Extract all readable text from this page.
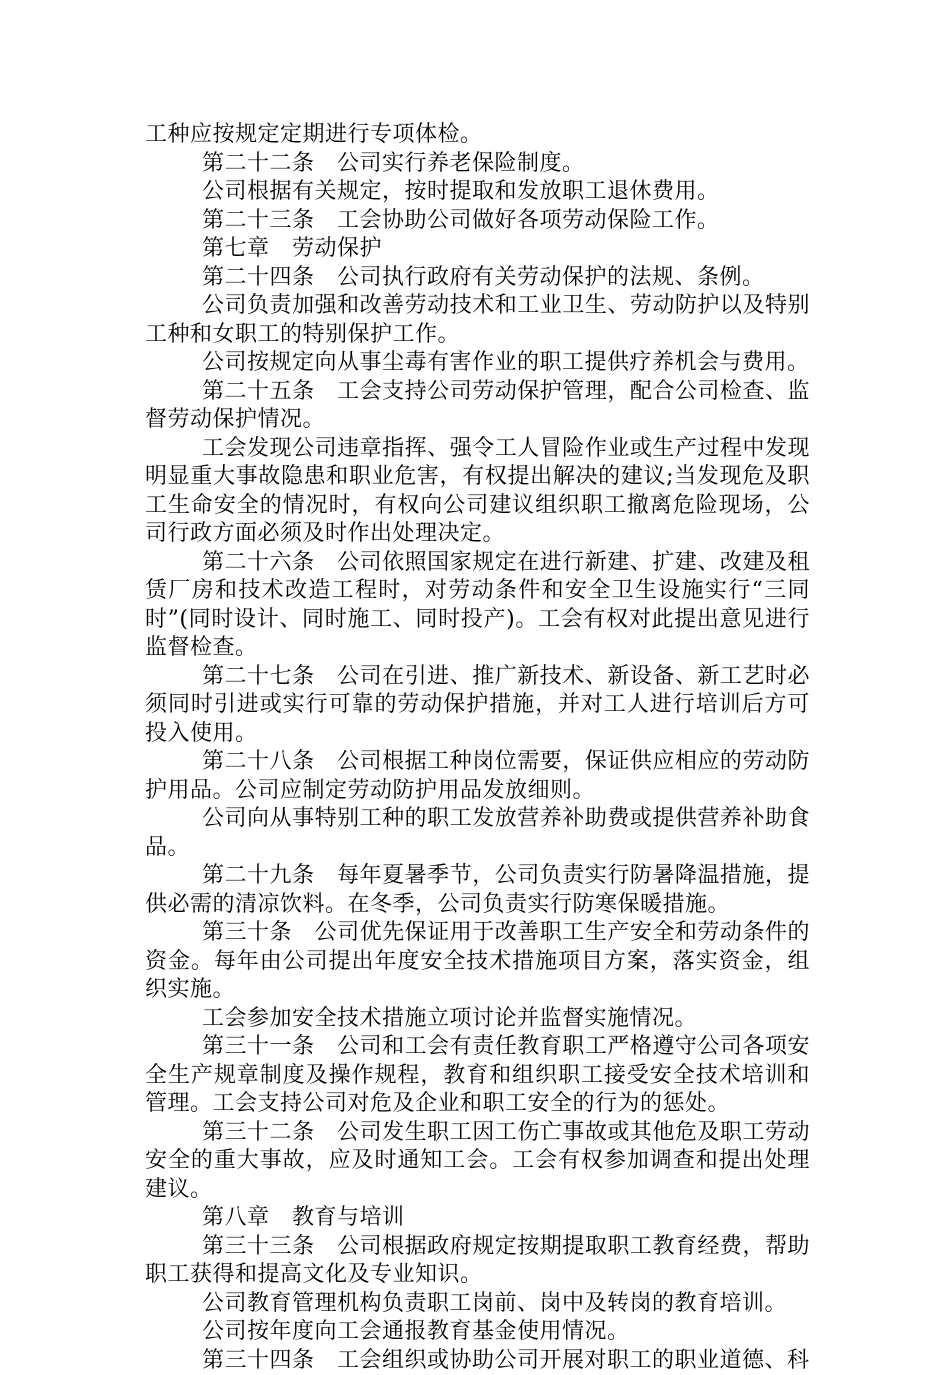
工种应按规定定期进行专项体检。

第二十二条　公司实行养老保险制度。

公司根据有关规定，按时提取和发放职工退休费用。

第二十三条　工会协助公司做好各项劳动保险工作。

第七章　劳动保护

第二十四条　公司执行政府有关劳动保护的法规、条例。

公司负责加强和改善劳动技术和工业卫生、劳动防护以及特别工种和女职工的特别保护工作。

公司按规定向从事尘毒有害作业的职工提供疗养机会与费用。

第二十五条　工会支持公司劳动保护管理，配合公司检查、监督劳动保护情况。

工会发现公司违章指挥、强令工人冒险作业或生产过程中发现明显重大事故隐患和职业危害，有权提出解决的建议;当发现危及职工生命安全的情况时，有权向公司建议组织职工撤离危险现场，公司行政方面必须及时作出处理决定。

第二十六条　公司依照国家规定在进行新建、扩建、改建及租赁厂房和技术改造工程时，对劳动条件和安全卫生设施实行“三同时”(同时设计、同时施工、同时投产)。工会有权对此提出意见进行监督检查。

第二十七条　公司在引进、推广新技术、新设备、新工艺时必须同时引进或实行可靠的劳动保护措施，并对工人进行培训后方可投入使用。

第二十八条　公司根据工种岗位需要，保证供应相应的劳动防护用品。公司应制定劳动防护用品发放细则。

公司向从事特别工种的职工发放营养补助费或提供营养补助食品。

第二十九条　每年夏暑季节，公司负责实行防暑降温措施，提供必需的清凉饮料。在冬季，公司负责实行防寒保暖措施。

第三十条　公司优先保证用于改善职工生产安全和劳动条件的资金。每年由公司提出年度安全技术措施项目方案，落实资金，组织实施。

工会参加安全技术措施立项讨论并监督实施情况。

第三十一条　公司和工会有责任教育职工严格遵守公司各项安全生产规章制度及操作规程，教育和组织职工接受安全技术培训和管理。工会支持公司对危及企业和职工安全的行为的惩处。

第三十二条　公司发生职工因工伤亡事故或其他危及职工劳动安全的重大事故，应及时通知工会。工会有权参加调查和提出处理建议。

第八章　教育与培训

第三十三条　公司根据政府规定按期提取职工教育经费，帮助职工获得和提高文化及专业知识。

公司教育管理机构负责职工岗前、岗中及转岗的教育培训。

公司按年度向工会通报教育基金使用情况。

第三十四条　工会组织或协助公司开展对职工的职业道德、科
